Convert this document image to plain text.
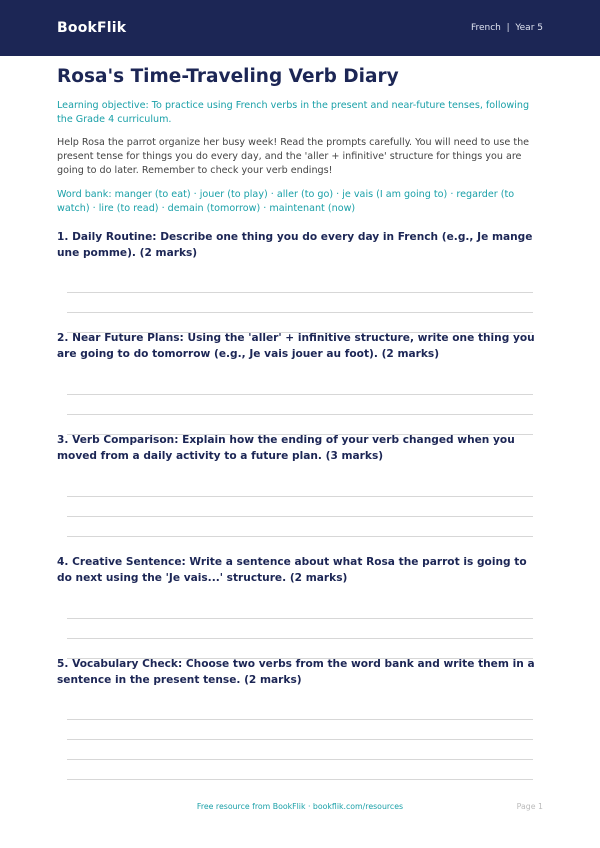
BookFlik	French  |  Year 5
Rosa's Time-Traveling Verb Diary

Learning objective: To practice using French verbs in the present and near-future tenses, following the Grade 4 curriculum.

Help Rosa the parrot organize her busy week! Read the prompts carefully. You will need to use the present tense for things you do every day, and the 'aller + infinitive' structure for things you are going to do later. Remember to check your verb endings!

Word bank: manger (to eat) · jouer (to play) · aller (to go) · je vais (I am going to) · regarder (to watch) · lire (to read) · demain (tomorrow) · maintenant (now)

1. Daily Routine: Describe one thing you do every day in French (e.g., Je mange une pomme). (2 marks)

2. Near Future Plans: Using the 'aller' + infinitive structure, write one thing you are going to do tomorrow (e.g., Je vais jouer au foot). (2 marks)

3. Verb Comparison: Explain how the ending of your verb changed when you moved from a daily activity to a future plan. (3 marks)

4. Creative Sentence: Write a sentence about what Rosa the parrot is going to do next using the 'Je vais...' structure. (2 marks)

5. Vocabulary Check: Choose two verbs from the word bank and write them in a sentence in the present tense. (2 marks)

Free resource from BookFlik · bookflik.com/resources	Page 1
